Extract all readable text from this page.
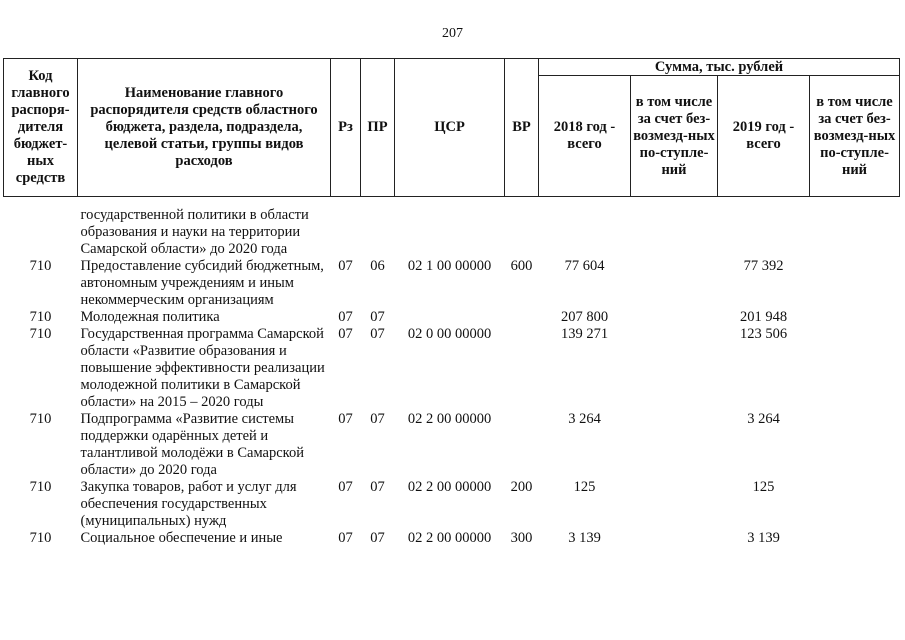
207
Код главного распоря-дителя бюджет-ных средств	Наименование главного распорядителя средств областного бюджета, раздела, подраздела, целевой статьи, группы видов расходов	Рз	ПР	ЦСР	ВР	Сумма, тыс. рублей			
						2018 год - всего	в том числе за счет без-возмезд-ных по-ступле-ний	2019 год - всего	в том числе за счет без-возмезд-ных по-ступле-ний

	государственной политики в области образования и науки на территории Самарской области» до 2020 года								
710	Предоставление субсидий бюджетным, автономным учреждениям и иным некоммерческим организациям	07	06	02 1 00 00000	600	77 604		77 392	
710	Молодежная политика	07	07			207 800		201 948	
710	Государственная программа Самарской области «Развитие образования и повышение эффективности реализации молодежной политики в Самарской области» на 2015 – 2020 годы	07	07	02 0 00 00000		139 271		123 506	
710	Подпрограмма «Развитие системы поддержки одарённых детей и талантливой молодёжи в Самарской области» до 2020 года	07	07	02 2 00 00000		3 264		3 264	
710	Закупка товаров, работ и услуг для обеспечения государственных (муниципальных) нужд	07	07	02 2 00 00000	200	125		125	
710	Социальное обеспечение и иные	07	07	02 2 00 00000	300	3 139		3 139	
